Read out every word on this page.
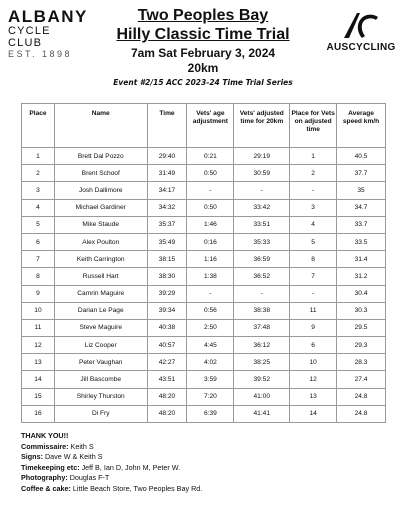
ALBANY
CYCLE CLUB
EST. 1898
Two Peoples Bay
Hilly Classic Time Trial
7am Sat February 3, 2024
20km
Event #2/15 ACC 2023-24 Time Trial Series
AUSCYCLING
Place	Name	Time	Vets' age adjustment	Vets' adjusted time for 20km	Place for Vets on adjusted time	Average speed km/h
1	Brett Dal Pozzo	29:40	0:21	29:19	1	40.5
2	Brent Schoof	31:49	0:50	30:59	2	37.7
3	Josh Dallimore	34:17	-	-	-	35
4	Michael Gardiner	34:32	0:50	33:42	3	34.7
5	Mike Staude	35:37	1:46	33:51	4	33.7
6	Alex Poulton	35:49	0:16	35:33	5	33.5
7	Keith Carrington	38:15	1:16	36:59	8	31.4
8	Russell Hart	38:30	1:38	36:52	7	31.2
9	Camrin Maguire	39:29	-	-	-	30.4
10	Darian Le Page	39:34	0:56	38:38	11	30.3
11	Steve Maguire	40:38	2:50	37:48	9	29.5
12	Liz Cooper	40:57	4:45	36:12	6	29.3
13	Peter Vaughan	42:27	4:02	38:25	10	28.3
14	Jill Bascombe	43:51	3:59	39:52	12	27.4
15	Shirley Thurston	48:20	7:20	41:00	13	24.8
16	Di Fry	48:20	6:39	41:41	14	24.8
THANK YOU!!
Commissaire: Keith S
Signs: Dave W & Keith S
Timekeeping etc: Jeff B, Ian D, John M, Peter W.
Photography: Douglas F-T
Coffee & cake: Little Beach Store, Two Peoples Bay Rd.
